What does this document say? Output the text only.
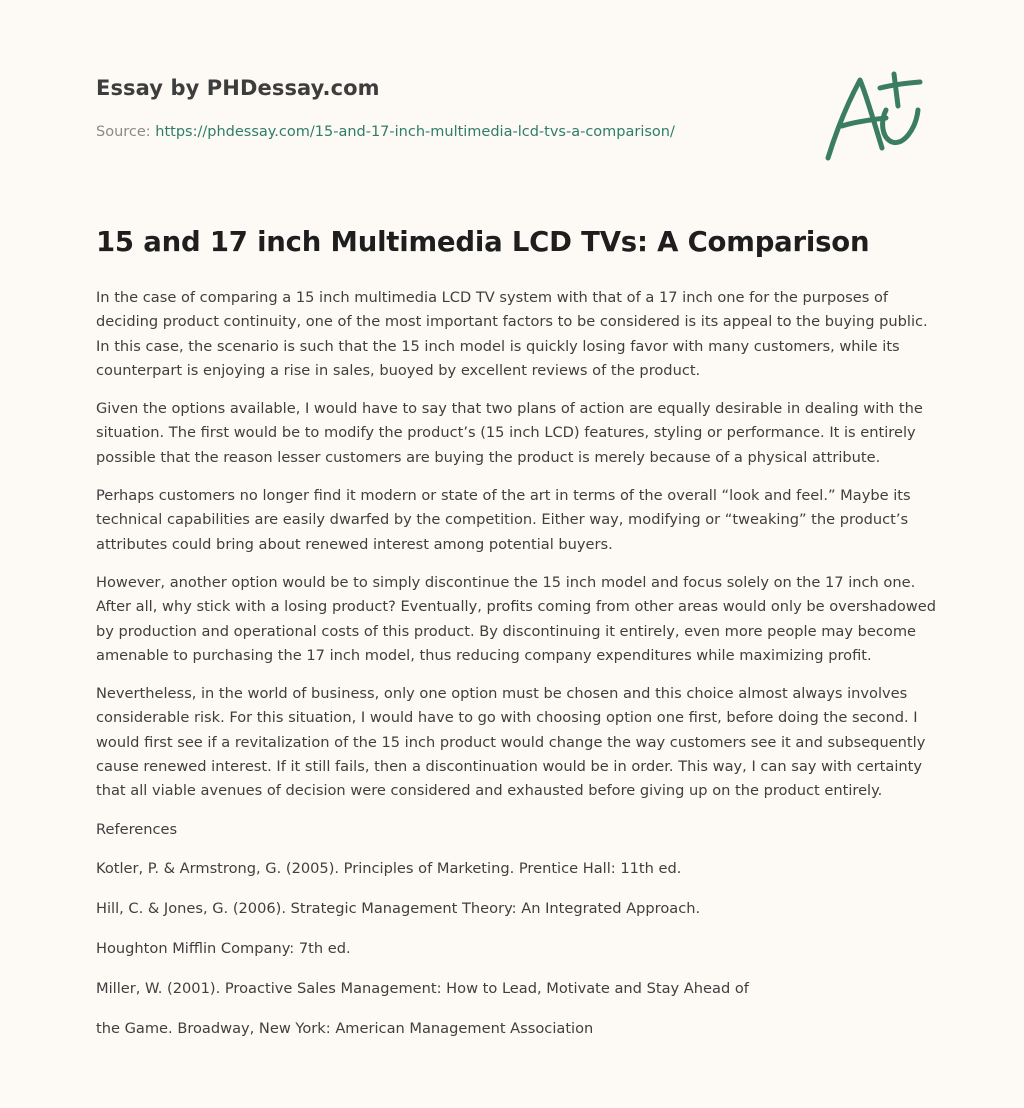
Essay by PHDessay.com

Source: https://phdessay.com/15-and-17-inch-multimedia-lcd-tvs-a-comparison/

15 and 17 inch Multimedia LCD TVs: A Comparison

In the case of comparing a 15 inch multimedia LCD TV system with that of a 17 inch one for the purposes of deciding product continuity, one of the most important factors to be considered is its appeal to the buying public. In this case, the scenario is such that the 15 inch model is quickly losing favor with many customers, while its counterpart is enjoying a rise in sales, buoyed by excellent reviews of the product.

Given the options available, I would have to say that two plans of action are equally desirable in dealing with the situation. The first would be to modify the product’s (15 inch LCD) features, styling or performance. It is entirely possible that the reason lesser customers are buying the product is merely because of a physical attribute.

Perhaps customers no longer find it modern or state of the art in terms of the overall “look and feel.” Maybe its technical capabilities are easily dwarfed by the competition. Either way, modifying or “tweaking” the product’s attributes could bring about renewed interest among potential buyers.

However, another option would be to simply discontinue the 15 inch model and focus solely on the 17 inch one. After all, why stick with a losing product? Eventually, profits coming from other areas would only be overshadowed by production and operational costs of this product. By discontinuing it entirely, even more people may become amenable to purchasing the 17 inch model, thus reducing company expenditures while maximizing profit.

Nevertheless, in the world of business, only one option must be chosen and this choice almost always involves considerable risk. For this situation, I would have to go with choosing option one first, before doing the second. I would first see if a revitalization of the 15 inch product would change the way customers see it and subsequently cause renewed interest. If it still fails, then a discontinuation would be in order. This way, I can say with certainty that all viable avenues of decision were considered and exhausted before giving up on the product entirely.

References

Kotler, P. & Armstrong, G. (2005). Principles of Marketing. Prentice Hall: 11th ed.

Hill, C. & Jones, G. (2006). Strategic Management Theory: An Integrated Approach.

Houghton Mifflin Company: 7th ed.

Miller, W. (2001). Proactive Sales Management: How to Lead, Motivate and Stay Ahead of

the Game. Broadway, New York: American Management Association
